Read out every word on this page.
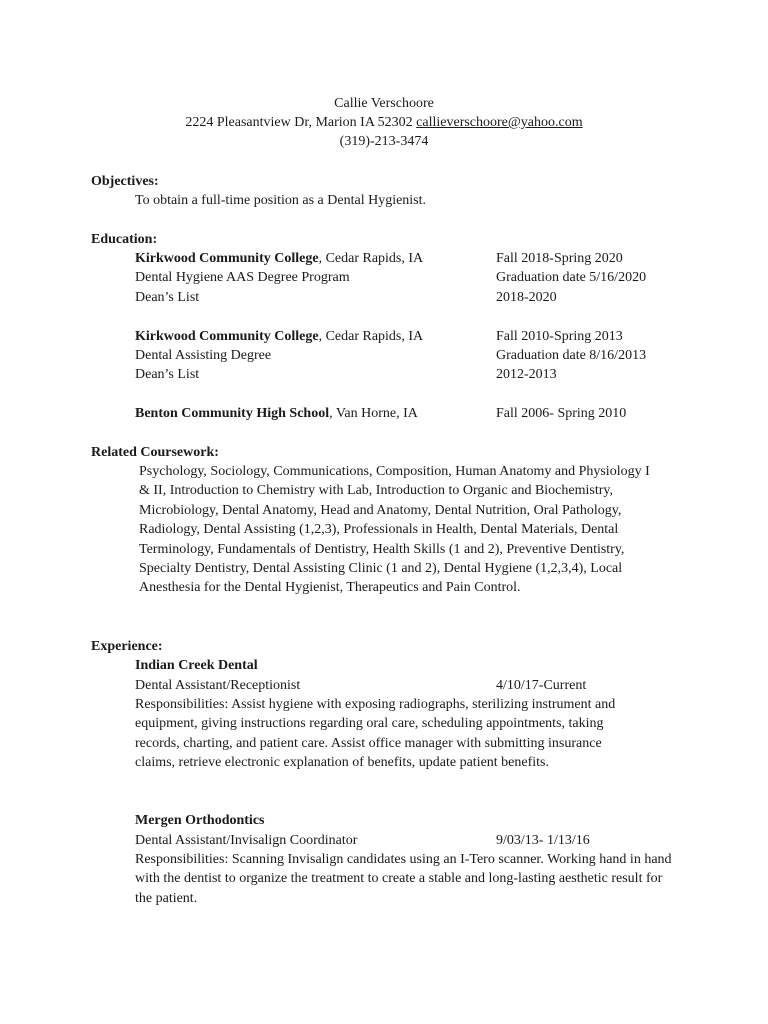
Callie Verschoore
2224 Pleasantview Dr, Marion IA 52302 callieverschoore@yahoo.com
(319)-213-3474
Objectives:
To obtain a full-time position as a Dental Hygienist.
Education:
Kirkwood Community College, Cedar Rapids, IA	Fall 2018-Spring 2020
Dental Hygiene AAS Degree Program	Graduation date 5/16/2020
Dean’s List	2018-2020
Kirkwood Community College, Cedar Rapids, IA	Fall 2010-Spring 2013
Dental Assisting Degree	Graduation date 8/16/2013
Dean’s List	2012-2013
Benton Community High School, Van Horne, IA	Fall 2006- Spring 2010
Related Coursework:
Psychology, Sociology, Communications, Composition, Human Anatomy and Physiology I & II, Introduction to Chemistry with Lab, Introduction to Organic and Biochemistry, Microbiology, Dental Anatomy, Head and Anatomy, Dental Nutrition, Oral Pathology, Radiology, Dental Assisting (1,2,3), Professionals in Health, Dental Materials, Dental Terminology, Fundamentals of Dentistry, Health Skills (1 and 2), Preventive Dentistry, Specialty Dentistry, Dental Assisting Clinic (1 and 2), Dental Hygiene (1,2,3,4), Local Anesthesia for the Dental Hygienist, Therapeutics and Pain Control.
Experience:
Indian Creek Dental
Dental Assistant/Receptionist	4/10/17-Current
Responsibilities: Assist hygiene with exposing radiographs, sterilizing instrument and equipment, giving instructions regarding oral care, scheduling appointments, taking records, charting, and patient care. Assist office manager with submitting insurance claims, retrieve electronic explanation of benefits, update patient benefits.
Mergen Orthodontics
Dental Assistant/Invisalign Coordinator	9/03/13- 1/13/16
Responsibilities: Scanning Invisalign candidates using an I-Tero scanner. Working hand in hand with the dentist to organize the treatment to create a stable and long-lasting aesthetic result for the patient.
